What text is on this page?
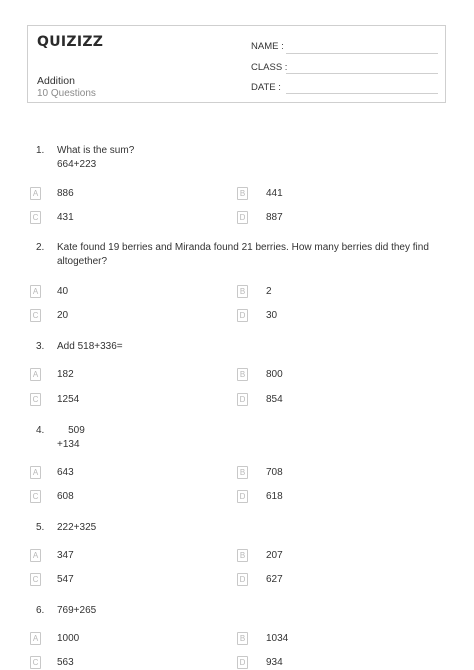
QUIZIZZ
Addition
10 Questions
NAME :
CLASS :
DATE :
1. What is the sum?
664+223
A 886	B 441
C 431	D 887
2. Kate found 19 berries and Miranda found 21 berries. How many berries did they find
altogether?
A 40	B 2
C 20	D 30
3. Add 518+336=
A 182	B 800
C 1254	D 854
4. 509
+134
A 643	B 708
C 608	D 618
5. 222+325
A 347	B 207
C 547	D 627
6. 769+265
A 1000	B 1034
C 563	D 934
